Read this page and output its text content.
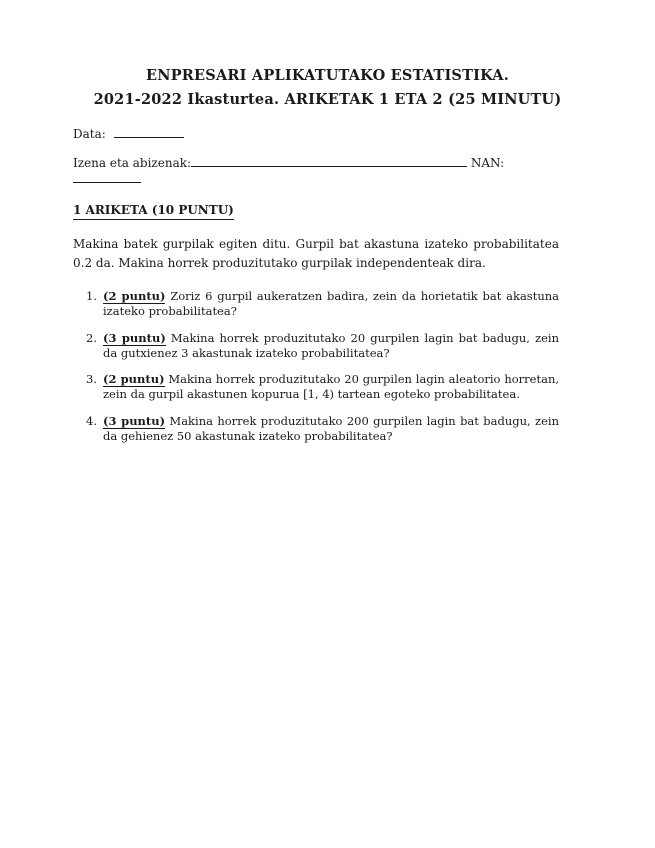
ENPRESARI APLIKATUTAKO ESTATISTIKA.
2021-2022 Ikasturtea. ARIKETAK 1 ETA 2 (25 MINUTU)
Data:
Izena eta abizenak:	NAN:
1 ARIKETA (10 PUNTU)
Makina batek gurpilak egiten ditu. Gurpil bat akastuna izateko probabilitatea 0.2 da. Makina horrek produzitutako gurpilak independenteak dira.
1. (2 puntu) Zoriz 6 gurpil aukeratzen badira, zein da horietatik bat akastuna izateko probabilitatea?
2. (3 puntu) Makina horrek produzitutako 20 gurpilen lagin bat badugu, zein da gutxienez 3 akastunak izateko probabilitatea?
3. (2 puntu) Makina horrek produzitutako 20 gurpilen lagin aleatorio horretan, zein da gurpil akastunen kopurua [1, 4) tartean egoteko probabilitatea.
4. (3 puntu) Makina horrek produzitutako 200 gurpilen lagin bat badugu, zein da gehienez 50 akastunak izateko probabilitatea?
